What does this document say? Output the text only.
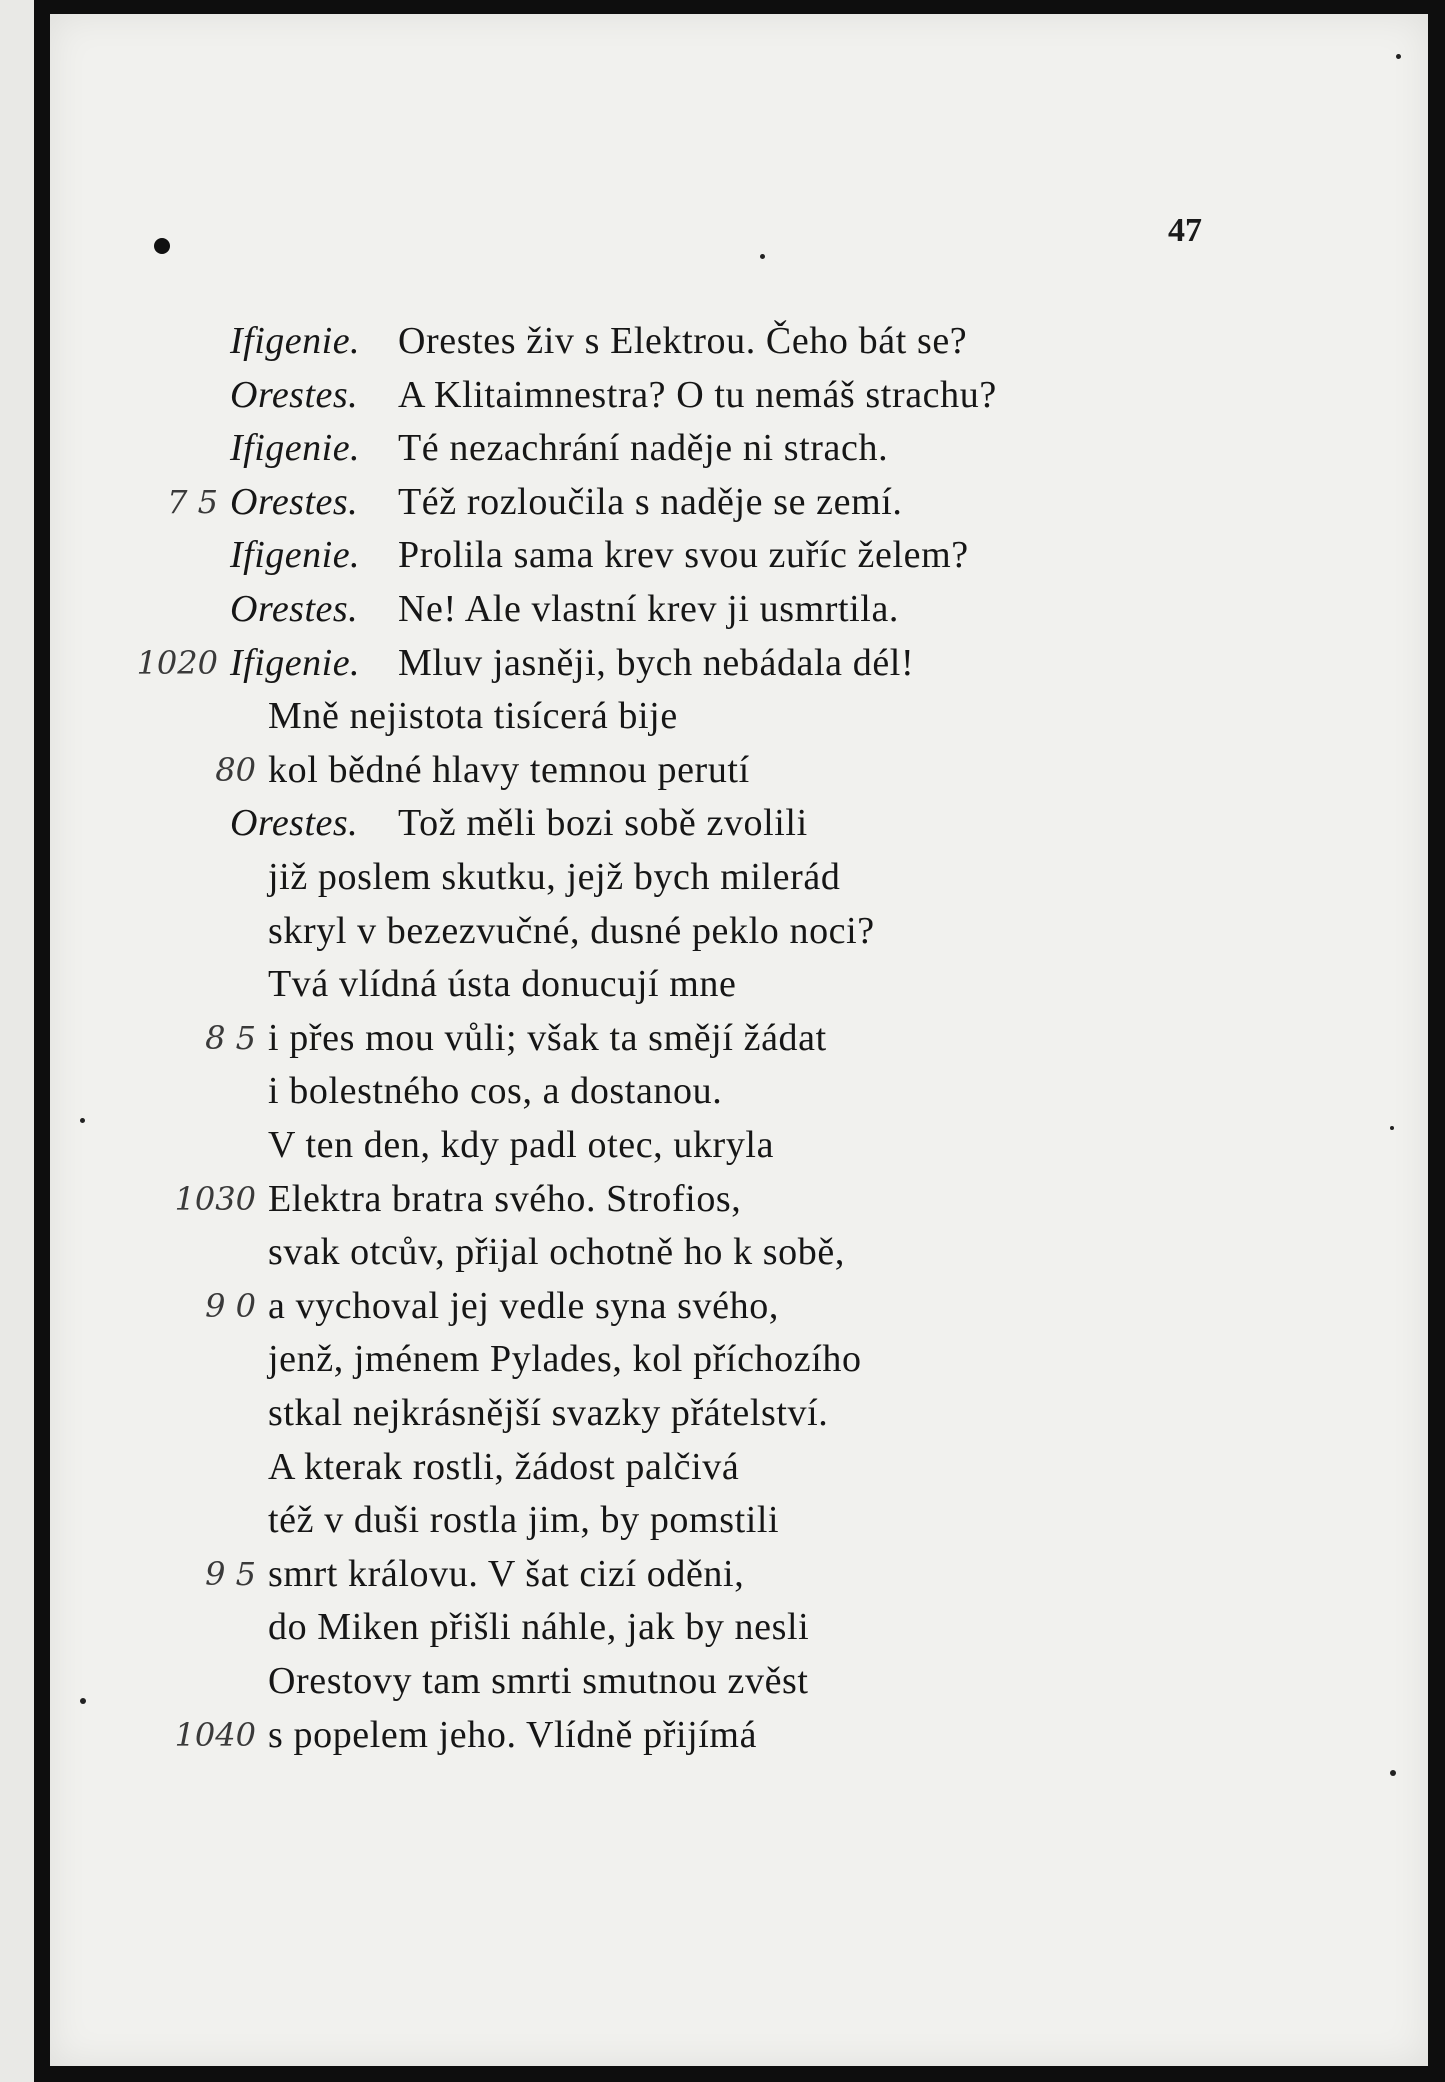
47
Ifigenie. Orestes živ s Elektrou. Čeho bát se?
Orestes. A Klitaimnestra? O tu nemáš strachu?
Ifigenie. Té nezachrání naděje ni strach.
7 5 Orestes. Též rozloučila s naděje se zemí.
Ifigenie. Prolila sama krev svou zuříc želem?
Orestes. Ne! Ale vlastní krev ji usmrtila.
1020 Ifigenie. Mluv jasněji, bych nebádala dél!
Mně nejistota tisícerá bije
80 kol bědné hlavy temnou perutí
Orestes. Tož měli bozi sobě zvolili
již poslem skutku, jejž bych milerád
skryl v bezezvučné, dusné peklo noci?
Tvá vlídná ústa donucují mne
8 5 i přes mou vůli; však ta smějí žádat
i bolestného cos, a dostanou.
V ten den, kdy padl otec, ukryla
1030 Elektra bratra svého. Strofios,
svak otcův, přijal ochotně ho k sobě,
9 0 a vychoval jej vedle syna svého,
jenž, jménem Pylades, kol příchozího
stkal nejkrásnější svazky přátelství.
A kterak rostli, žádost palčivá
též v duši rostla jim, by pomstili
9 5 smrt královu. V šat cizí oděni,
do Miken přišli náhle, jak by nesli
Orestovy tam smrti smutnou zvěst
1040 s popelem jeho. Vlídně přijímá
